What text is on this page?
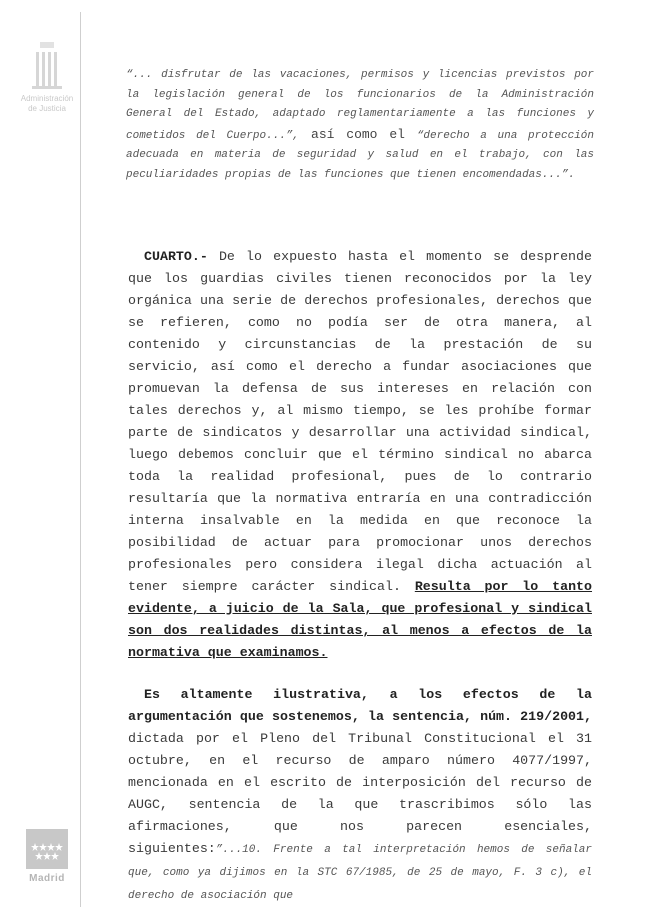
Administración de Justicia
Madrid
“... disfrutar de las vacaciones, permisos y licencias previstos por la legislación general de los funcionarios de la Administración General del Estado, adaptado reglamentariamente a las funciones y cometidos del Cuerpo...”, así como el “derecho a una protección adecuada en materia de seguridad y salud en el trabajo, con las peculiaridades propias de las funciones que tienen encomendadas...”.

CUARTO.- De lo expuesto hasta el momento se desprende que los guardias civiles tienen reconocidos por la ley orgánica una serie de derechos profesionales, derechos que se refieren, como no podía ser de otra manera, al contenido y circunstancias de la prestación de su servicio, así como el derecho a fundar asociaciones que promuevan la defensa de sus intereses en relación con tales derechos y, al mismo tiempo, se les prohíbe formar parte de sindicatos y desarrollar una actividad sindical, luego debemos concluir que el término sindical no abarca toda la realidad profesional, pues de lo contrario resultaría que la normativa entraría en una contradicción interna insalvable en la medida en que reconoce la posibilidad de actuar para promocionar unos derechos profesionales pero considera ilegal dicha actuación al tener siempre carácter sindical. Resulta por lo tanto evidente, a juicio de la Sala, que profesional y sindical son dos realidades distintas, al menos a efectos de la normativa que examinamos.

Es altamente ilustrativa, a los efectos de la argumentación que sostenemos, la sentencia, núm. 219/2001, dictada por el Pleno del Tribunal Constitucional el 31 octubre, en el recurso de amparo número 4077/1997, mencionada en el escrito de interposición del recurso de AUGC, sentencia de la que trascribimos sólo las afirmaciones, que nos parecen esenciales, siguientes:”...10. Frente a tal interpretación hemos de señalar que, como ya dijimos en la STC 67/1985, de 25 de mayo, F. 3 c), el derecho de asociación que
